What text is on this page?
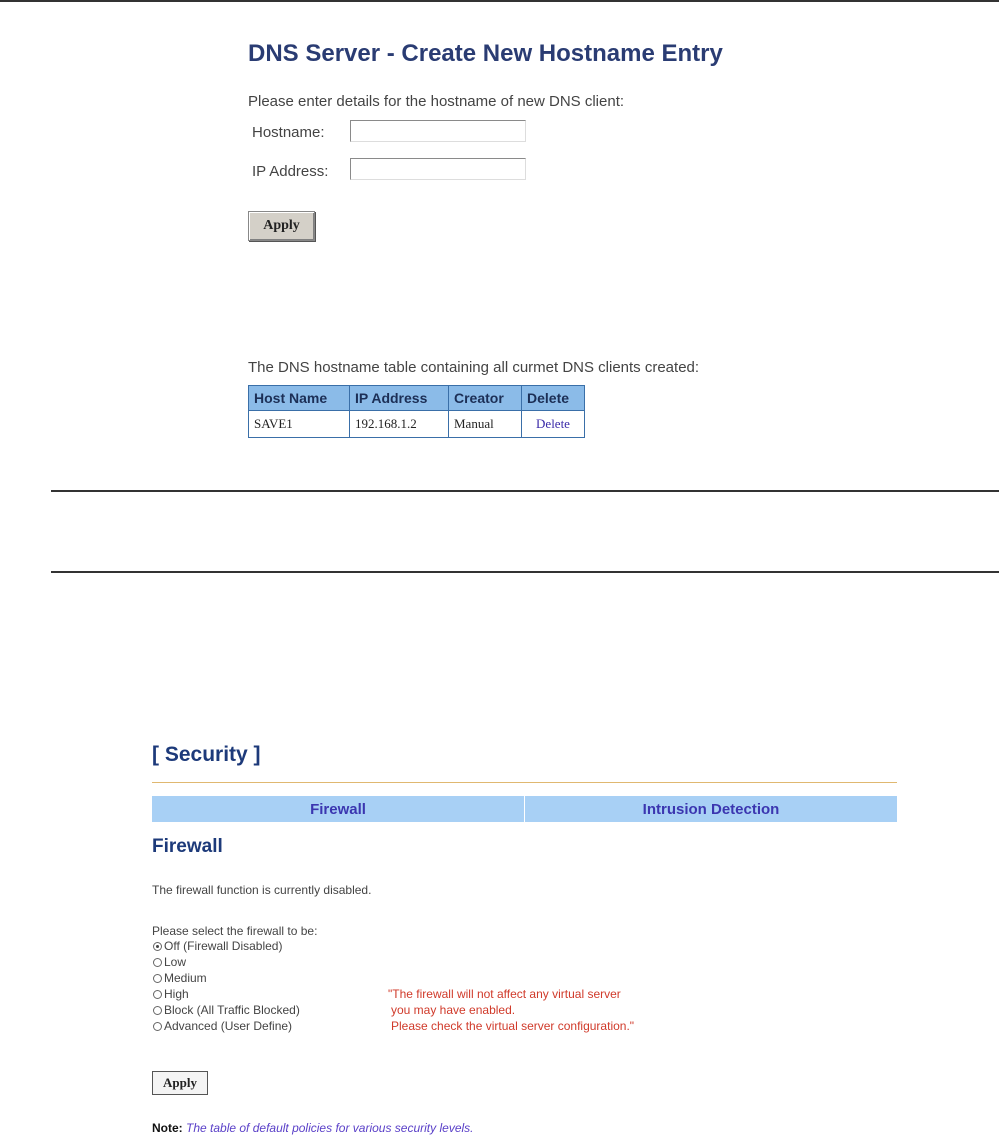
DNS Server - Create New Hostname Entry
Please enter details for the hostname of new DNS client:
Hostname:
IP Address:
Apply
The DNS hostname table containing all curmet DNS clients created:
Host Name	IP Address	Creator	Delete
SAVE1	192.168.1.2	Manual	Delete
[ Security ]
Firewall	Intrusion Detection
Firewall
The firewall function is currently disabled.
Please select the firewall to be:
Off (Firewall Disabled)
Low
Medium
High
Block (All Traffic Blocked)
Advanced (User Define)
"The firewall will not affect any virtual server
you may have enabled.
Please check the virtual server configuration."
Apply
Note: The table of default policies for various security levels.
